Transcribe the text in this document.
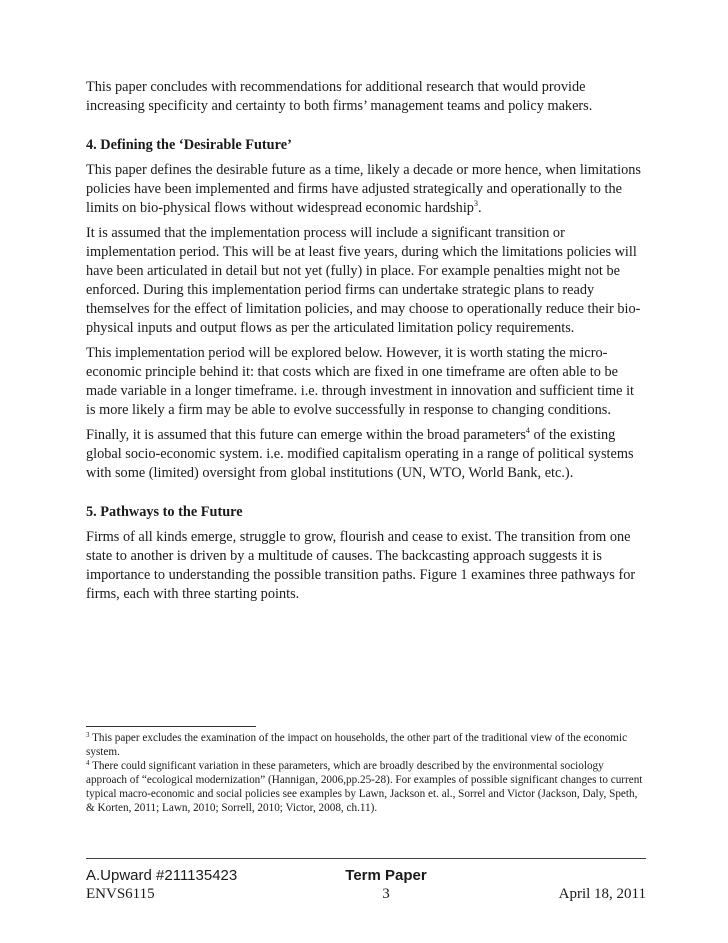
This paper concludes with recommendations for additional research that would provide increasing specificity and certainty to both firms’ management teams and policy makers.

4. Defining the ‘Desirable Future’

This paper defines the desirable future as a time, likely a decade or more hence, when limitations policies have been implemented and firms have adjusted strategically and operationally to the limits on bio-physical flows without widespread economic hardship$^3$.

It is assumed that the implementation process will include a significant transition or implementation period. This will be at least five years, during which the limitations policies will have been articulated in detail but not yet (fully) in place. For example penalties might not be enforced. During this implementation period firms can undertake strategic plans to ready themselves for the effect of limitation policies, and may choose to operationally reduce their bio-physical inputs and output flows as per the articulated limitation policy requirements.

This implementation period will be explored below. However, it is worth stating the micro-economic principle behind it: that costs which are fixed in one timeframe are often able to be made variable in a longer timeframe. i.e. through investment in innovation and sufficient time it is more likely a firm may be able to evolve successfully in response to changing conditions.

Finally, it is assumed that this future can emerge within the broad parameters$^4$ of the existing global socio-economic system. i.e. modified capitalism operating in a range of political systems with some (limited) oversight from global institutions (UN, WTO, World Bank, etc.).

5. Pathways to the Future

Firms of all kinds emerge, struggle to grow, flourish and cease to exist. The transition from one state to another is driven by a multitude of causes. The backcasting approach suggests it is importance to understanding the possible transition paths. Figure 1 examines three pathways for firms, each with three starting points.

$^3$ This paper excludes the examination of the impact on households, the other part of the traditional view of the economic system.

$^4$ There could significant variation in these parameters, which are broadly described by the environmental sociology approach of “ecological modernization” (Hannigan, 2006,pp.25-28). For examples of possible significant changes to current typical macro-economic and social policies see examples by Lawn, Jackson et. al., Sorrel and Victor (Jackson, Daly, Speth, & Korten, 2011; Lawn, 2010; Sorrell, 2010; Victor, 2008, ch.11).

A.Upward #211135423	Term Paper
ENVS6115	3	April 18, 2011
